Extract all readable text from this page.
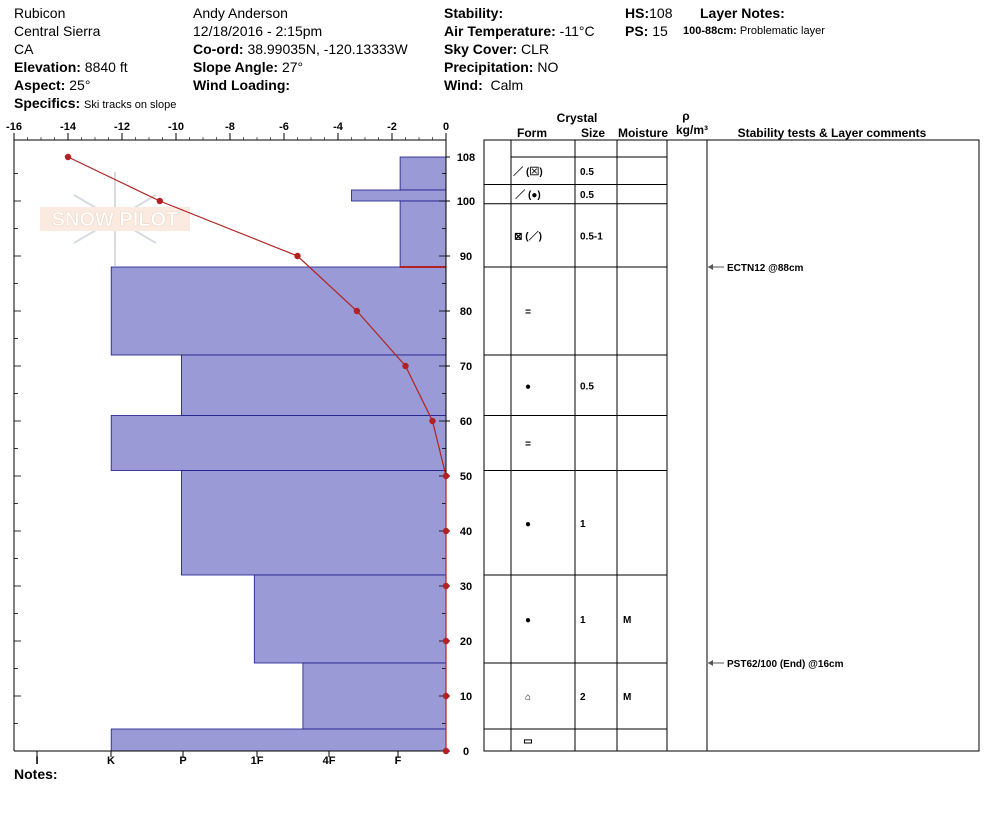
Rubicon
Central Sierra
CA
Elevation: 8840 ft
Aspect: 25°
Specifics: Ski tracks on slope
Andy Anderson
12/18/2016 - 2:15pm
Co-ord: 38.99035N, -120.13333W
Slope Angle: 27°
Wind Loading:
Stability:
Air Temperature: -11°C
Sky Cover: CLR
Precipitation: NO
Wind: Calm
HS:108
PS: 15
Layer Notes:
100-88cm: Problematic layer
Notes:
SNOW PILOT
-16	-14	-12	-10	-8	-6	-4	-2	0
0
10
20
30
40
50
60
70
80
90
100
108
I	K	P	1F	4F	F
／ (⊠)	0.5
／ (●)	0.5
⊠ (／)	0.5-1
=
●	0.5
=
●	1
●	1	M
⌂	2	M
▭
ECTN12 @88cm
PST62/100 (End) @16cm
Crystal
Form	Size Moisture
ρ
kg/m³ Stability tests & Layer comments
